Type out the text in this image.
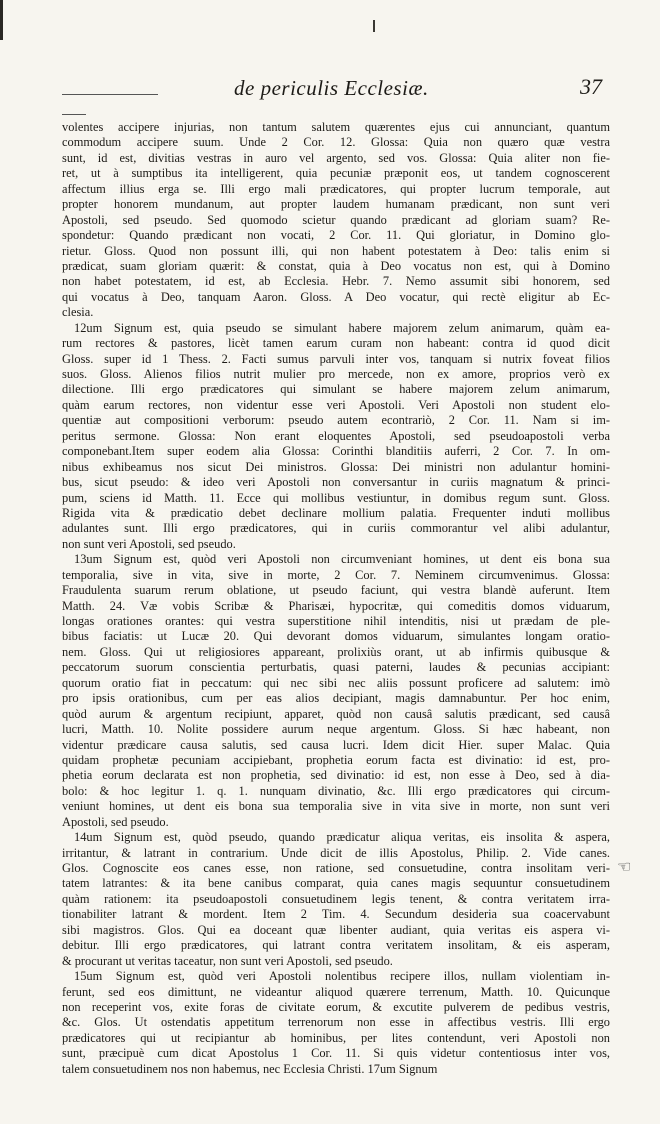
de periculis Ecclesiæ.	37
volentes accipere injurias, non tantum salutem quærentes ejus cui annunciant, quantum
commodum accipere suum. Unde 2 Cor. 12. Glossa: Quia non quæro quæ vestra
sunt, id est, divitias vestras in auro vel argento, sed vos. Glossa: Quia aliter non fie-
ret, ut à sumptibus ita intelligerent, quia pecuniæ præponit eos, ut tandem cognoscerent
affectum illius erga se. Illi ergo mali prædicatores, qui propter lucrum temporale, aut
propter honorem mundanum, aut propter laudem humanam prædicant, non sunt veri
Apostoli, sed pseudo. Sed quomodo scietur quando prædicant ad gloriam suam? Re-
spondetur: Quando prædicant non vocati, 2 Cor. 11. Qui gloriatur, in Domino glo-
rietur. Gloss. Quod non possunt illi, qui non habent potestatem à Deo: talis enim si
prædicat, suam gloriam quærit: & constat, quia à Deo vocatus non est, qui à Domino
non habet potestatem, id est, ab Ecclesia. Hebr. 7. Nemo assumit sibi honorem, sed
qui vocatus à Deo, tanquam Aaron. Gloss. A Deo vocatur, qui rectè eligitur ab Ec-
clesia.
12um Signum est, quia pseudo se simulant habere majorem zelum animarum, quàm ea-
rum rectores & pastores, licèt tamen earum curam non habeant: contra id quod dicit
Gloss. super id 1 Thess. 2. Facti sumus parvuli inter vos, tanquam si nutrix foveat filios
suos. Gloss. Alienos filios nutrit mulier pro mercede, non ex amore, proprios verò ex
dilectione. Illi ergo prædicatores qui simulant se habere majorem zelum animarum,
quàm earum rectores, non videntur esse veri Apostoli. Veri Apostoli non student elo-
quentiæ aut compositioni verborum: pseudo autem econtrariò, 2 Cor. 11. Nam si im-
peritus sermone. Glossa: Non erant eloquentes Apostoli, sed pseudoapostoli verba
componebant.Item super eodem alia Glossa: Corinthi blanditiis auferri, 2 Cor. 7. In om-
nibus exhibeamus nos sicut Dei ministros. Glossa: Dei ministri non adulantur homini-
bus, sicut pseudo: & ideo veri Apostoli non conversantur in curiis magnatum & princi-
pum, sciens id Matth. 11. Ecce qui mollibus vestiuntur, in domibus regum sunt. Gloss.
Rigida vita & prædicatio debet declinare mollium palatia. Frequenter induti mollibus
adulantes sunt. Illi ergo prædicatores, qui in curiis commorantur vel alibi adulantur,
non sunt veri Apostoli, sed pseudo.
13um Signum est, quòd veri Apostoli non circumveniant homines, ut dent eis bona sua
temporalia, sive in vita, sive in morte, 2 Cor. 7. Neminem circumvenimus. Glossa:
Fraudulenta suarum rerum oblatione, ut pseudo faciunt, qui vestra blandè auferunt. Item
Matth. 24. Væ vobis Scribæ & Pharisæi, hypocritæ, qui comeditis domos viduarum,
longas orationes orantes: qui vestra superstitione nihil intenditis, nisi ut prædam de ple-
bibus faciatis: ut Lucæ 20. Qui devorant domos viduarum, simulantes longam oratio-
nem. Gloss. Qui ut religiosiores appareant, prolixiùs orant, ut ab infirmis quibusque &
peccatorum suorum conscientia perturbatis, quasi paterni, laudes & pecunias accipiant:
quorum oratio fiat in peccatum: qui nec sibi nec aliis possunt proficere ad salutem: imò
pro ipsis orationibus, cum per eas alios decipiant, magis damnabuntur. Per hoc enim,
quòd aurum & argentum recipiunt, apparet, quòd non causâ salutis prædicant, sed causâ
lucri, Matth. 10. Nolite possidere aurum neque argentum. Gloss. Si hæc habeant, non
videntur prædicare causa salutis, sed causa lucri. Idem dicit Hier. super Malac. Quia
quidam prophetæ pecuniam accipiebant, prophetia eorum facta est divinatio: id est, pro-
phetia eorum declarata est non prophetia, sed divinatio: id est, non esse à Deo, sed à dia-
bolo: & hoc legitur 1. q. 1. nunquam divinatio, &c. Illi ergo prædicatores qui circum-
veniunt homines, ut dent eis bona sua temporalia sive in vita sive in morte, non sunt veri
Apostoli, sed pseudo.
14um Signum est, quòd pseudo, quando prædicatur aliqua veritas, eis insolita & aspera,
irritantur, & latrant in contrarium. Unde dicit de illis Apostolus, Philip. 2. Vide canes.
Glos. Cognoscite eos canes esse, non ratione, sed consuetudine, contra insolitam veri-
tatem latrantes: & ita bene canibus comparat, quia canes magis sequuntur consuetudinem
quàm rationem: ita pseudoapostoli consuetudinem legis tenent, & contra veritatem irra-
tionabiliter latrant & mordent. Item 2 Tim. 4. Secundum desideria sua coacervabunt
sibi magistros. Glos. Qui ea doceant quæ libenter audiant, quia veritas eis aspera vi-
debitur. Illi ergo prædicatores, qui latrant contra veritatem insolitam, & eis asperam,
& procurant ut veritas taceatur, non sunt veri Apostoli, sed pseudo.
15um Signum est, quòd veri Apostoli nolentibus recipere illos, nullam violentiam in-
ferunt, sed eos dimittunt, ne videantur aliquod quærere terrenum, Matth. 10. Quicunque
non receperint vos, exite foras de civitate eorum, & excutite pulverem de pedibus vestris,
&c. Glos. Ut ostendatis appetitum terrenorum non esse in affectibus vestris. Illi ergo
prædicatores qui ut recipiantur ab hominibus, per lites contendunt, veri Apostoli non
sunt, præcipuè cum dicat Apostolus 1 Cor. 11. Si quis videtur contentiosus inter vos,
talem consuetudinem nos non habemus, nec Ecclesia Christi. 17um Signum
☜
